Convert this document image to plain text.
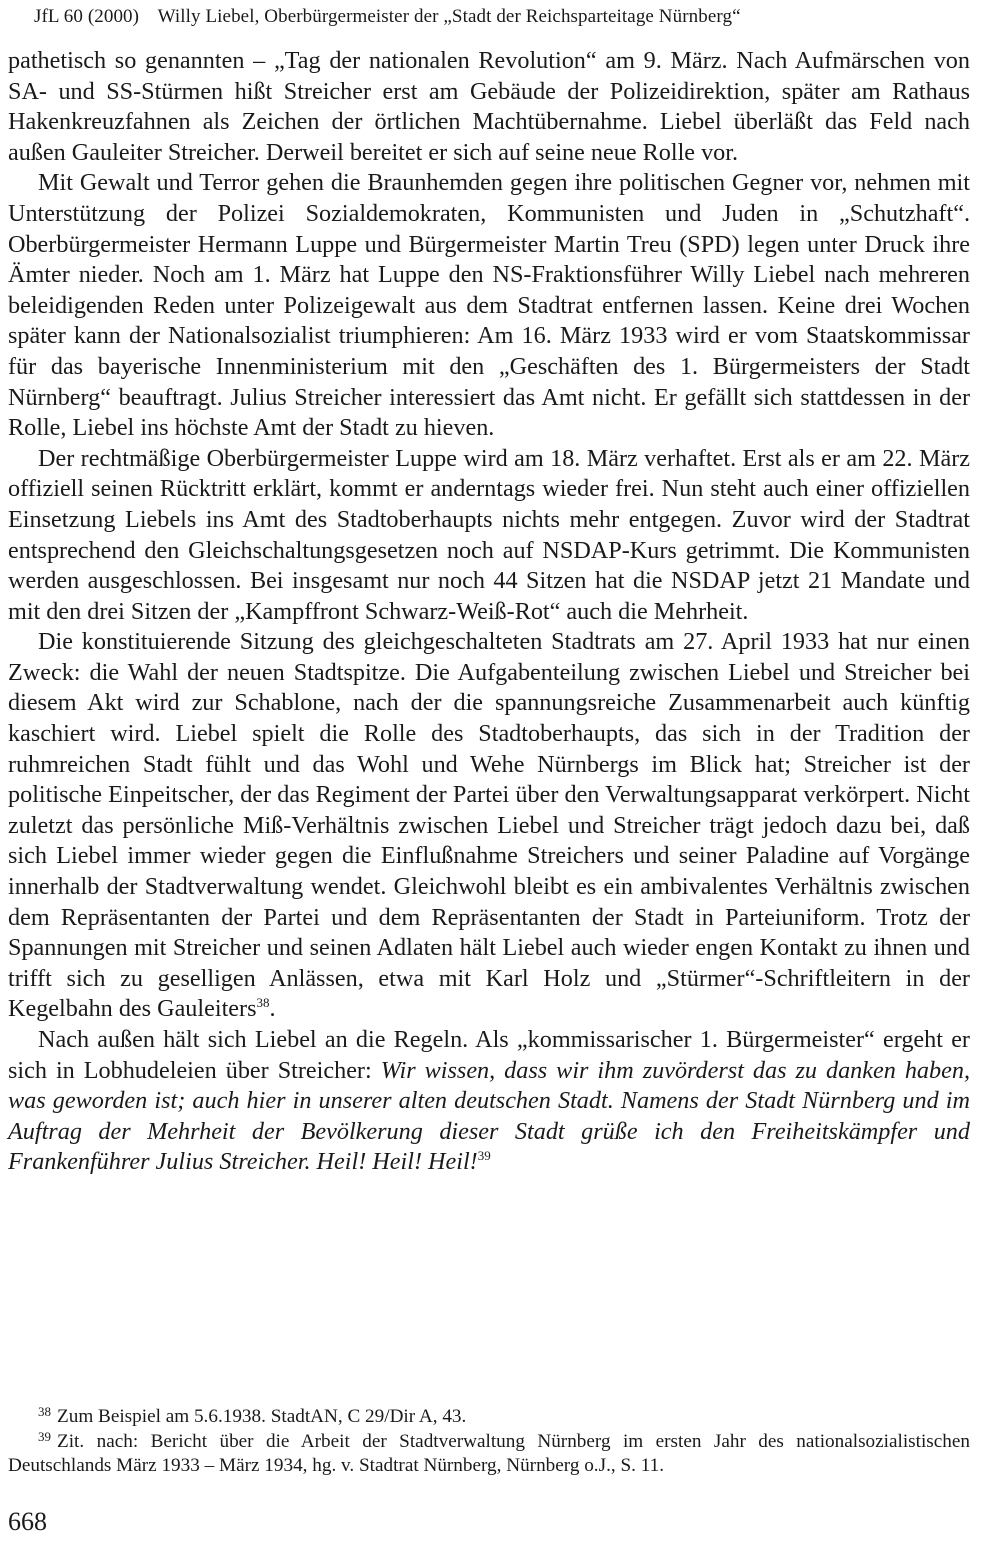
JfL 60 (2000) Willy Liebel, Oberbürgermeister der „Stadt der Reichsparteitage Nürnberg“

pathetisch so genannten – „Tag der nationalen Revolution“ am 9. März. Nach Aufmärschen von SA- und SS-Stürmen hißt Streicher erst am Gebäude der Polizeidirektion, später am Rathaus Hakenkreuzfahnen als Zeichen der örtlichen Machtübernahme. Liebel überläßt das Feld nach außen Gauleiter Streicher. Derweil bereitet er sich auf seine neue Rolle vor.

Mit Gewalt und Terror gehen die Braunhemden gegen ihre politischen Gegner vor, nehmen mit Unterstützung der Polizei Sozialdemokraten, Kommunisten und Juden in „Schutzhaft“. Oberbürgermeister Hermann Luppe und Bürgermeister Martin Treu (SPD) legen unter Druck ihre Ämter nieder. Noch am 1. März hat Luppe den NS-Fraktionsführer Willy Liebel nach mehreren beleidigenden Reden unter Polizeigewalt aus dem Stadtrat entfernen lassen. Keine drei Wochen später kann der Nationalsozialist triumphieren: Am 16. März 1933 wird er vom Staatskommissar für das bayerische Innenministerium mit den „Geschäften des 1. Bürgermeisters der Stadt Nürnberg“ beauftragt. Julius Streicher interessiert das Amt nicht. Er gefällt sich stattdessen in der Rolle, Liebel ins höchste Amt der Stadt zu hieven.

Der rechtmäßige Oberbürgermeister Luppe wird am 18. März verhaftet. Erst als er am 22. März offiziell seinen Rücktritt erklärt, kommt er anderntags wieder frei. Nun steht auch einer offiziellen Einsetzung Liebels ins Amt des Stadtoberhaupts nichts mehr entgegen. Zuvor wird der Stadtrat entsprechend den Gleichschaltungsgesetzen noch auf NSDAP-Kurs getrimmt. Die Kommunisten werden ausgeschlossen. Bei insgesamt nur noch 44 Sitzen hat die NSDAP jetzt 21 Mandate und mit den drei Sitzen der „Kampffront Schwarz-Weiß-Rot“ auch die Mehrheit.

Die konstituierende Sitzung des gleichgeschalteten Stadtrats am 27. April 1933 hat nur einen Zweck: die Wahl der neuen Stadtspitze. Die Aufgabenteilung zwischen Liebel und Streicher bei diesem Akt wird zur Schablone, nach der die spannungsreiche Zusammenarbeit auch künftig kaschiert wird. Liebel spielt die Rolle des Stadtoberhaupts, das sich in der Tradition der ruhmreichen Stadt fühlt und das Wohl und Wehe Nürnbergs im Blick hat; Streicher ist der politische Einpeitscher, der das Regiment der Partei über den Verwaltungsapparat verkörpert. Nicht zuletzt das persönliche Miß-Verhältnis zwischen Liebel und Streicher trägt jedoch dazu bei, daß sich Liebel immer wieder gegen die Einflußnahme Streichers und seiner Paladine auf Vorgänge innerhalb der Stadtverwaltung wendet. Gleichwohl bleibt es ein ambivalentes Verhältnis zwischen dem Repräsentanten der Partei und dem Repräsentanten der Stadt in Parteiuniform. Trotz der Spannungen mit Streicher und seinen Adlaten hält Liebel auch wieder engen Kontakt zu ihnen und trifft sich zu geselligen Anlässen, etwa mit Karl Holz und „Stürmer“-Schriftleitern in der Kegelbahn des Gauleiters$^{38}$.

Nach außen hält sich Liebel an die Regeln. Als „kommissarischer 1. Bürgermeister“ ergeht er sich in Lobhudeleien über Streicher: Wir wissen, dass wir ihm zuvörderst das zu danken haben, was geworden ist; auch hier in unserer alten deutschen Stadt. Namens der Stadt Nürnberg und im Auftrag der Mehrheit der Bevölkerung dieser Stadt grüße ich den Freiheitskämpfer und Frankenführer Julius Streicher. Heil! Heil! Heil!$^{39}$

$^{38}$ Zum Beispiel am 5.6.1938. StadtAN, C 29/Dir A, 43.

$^{39}$ Zit. nach: Bericht über die Arbeit der Stadtverwaltung Nürnberg im ersten Jahr des nationalsozialistischen Deutschlands März 1933 – März 1934, hg. v. Stadtrat Nürnberg, Nürnberg o.J., S. 11.

668
